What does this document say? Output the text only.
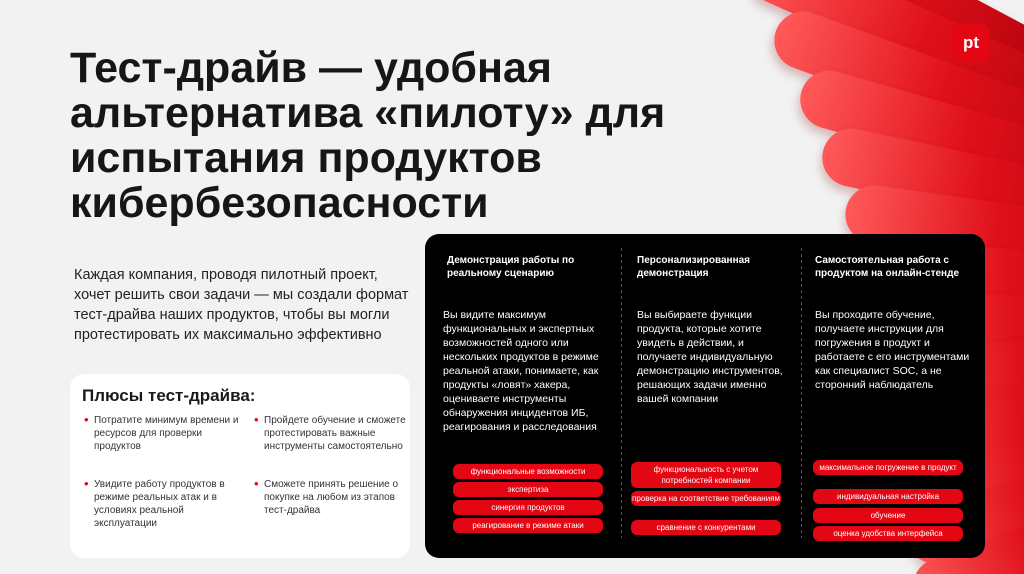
pt
Тест-драйв — удобная альтернатива «пилоту» для испытания продуктов кибербезопасности

Каждая компания, проводя пилотный проект, хочет решить свои задачи — мы создали формат тест-драйва наших продуктов, чтобы вы могли протестировать их максимально эффективно

Плюсы тест-драйва:
• Потратите минимум времени и ресурсов для проверки продуктов
• Пройдете обучение и сможете протестировать важные инструменты самостоятельно
• Увидите работу продуктов в режиме реальных атак и в условиях реальной эксплуатации
• Сможете принять решение о покупке на любом из этапов тест-драйва

Демонстрация работы по реальному сценарию

Вы видите максимум функциональных и экспертных возможностей одного или нескольких продуктов в режиме реальной атаки, понимаете, как продукты «ловят» хакера, оцениваете инструменты обнаружения инцидентов ИБ, реагирования и расследования

функциональные возможности
экспертиза
синергия продуктов
реагирование в режиме атаки

Персонализированная демонстрация

Вы выбираете функции продукта, которые хотите увидеть в действии, и получаете индивидуальную демонстрацию инструментов, решающих задачи именно вашей компании

функциональность с учетом потребностей компании
проверка на соответствие требованиям
сравнение с конкурентами

Самостоятельная работа с продуктом на онлайн-стенде

Вы проходите обучение, получаете инструкции для погружения в продукт и работаете с его инструментами как специалист SOC, а не сторонний наблюдатель

максимальное погружение в продукт
индивидуальная настройка
обучение
оценка удобства интерфейса
